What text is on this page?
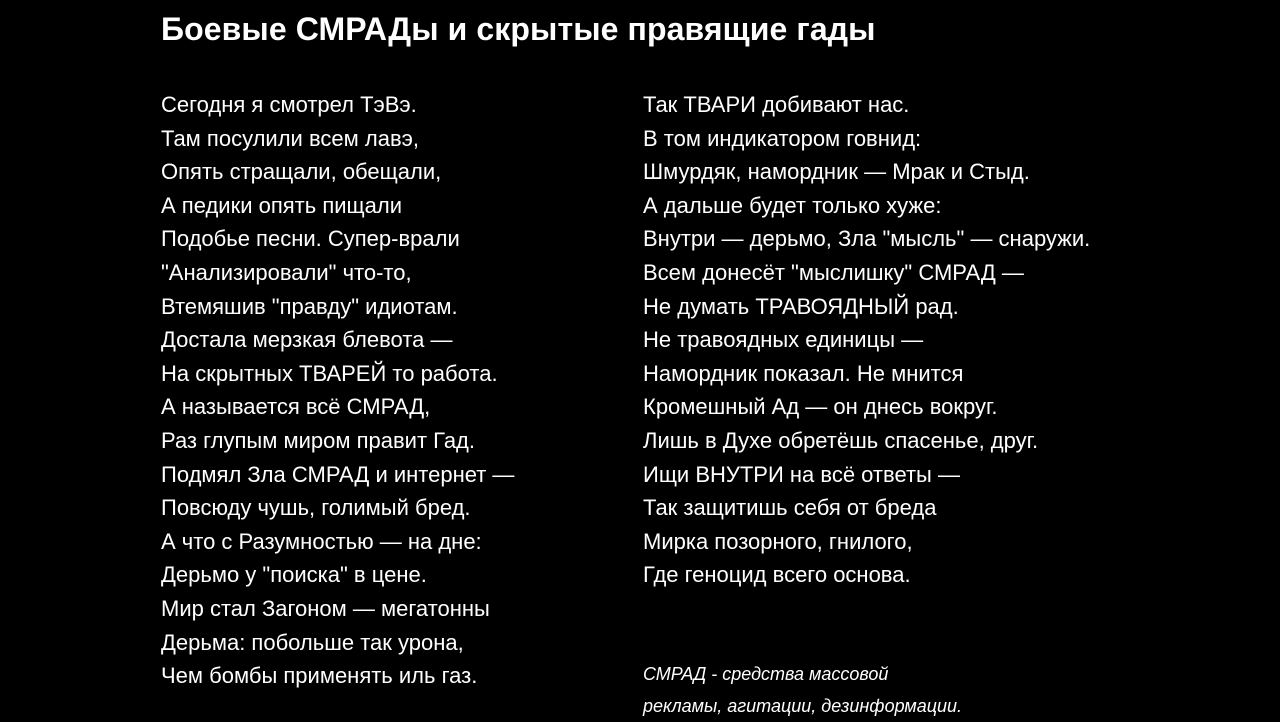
Боевые СМРАДы и скрытые правящие гады
Сегодня я смотрел ТэВэ.
Там посулили всем лавэ,
Опять стращали, обещали,
А педики опять пищали
Подобье песни. Супер-врали
"Анализировали" что-то,
Втемяшив "правду" идиотам.
Достала мерзкая блевота —
На скрытных ТВАРЕЙ то работа.
А называется всё СМРАД,
Раз глупым миром правит Гад.
Подмял Зла СМРАД и интернет —
Повсюду чушь, голимый бред.
А что с Разумностью — на дне:
Дерьмо у "поиска" в цене.
Мир стал Загоном — мегатонны
Дерьма: побольше так урона,
Чем бомбы применять иль газ.
Так ТВАРИ добивают нас.
В том индикатором говнид:
Шмурдяк, намордник — Мрак и Стыд.
А дальше будет только хуже:
Внутри — дерьмо, Зла "мысль" — снаружи.
Всем донесёт "мыслишку" СМРАД —
Не думать ТРАВОЯДНЫЙ рад.
Не травоядных единицы —
Намордник показал. Не мнится
Кромешный Ад — он днесь вокруг.
Лишь в Духе обретёшь спасенье, друг.
Ищи ВНУТРИ на всё ответы —
Так защитишь себя от бреда
Мирка позорного, гнилого,
Где геноцид всего основа.
СМРАД - средства массовой
рекламы, агитации, дезинформации.
